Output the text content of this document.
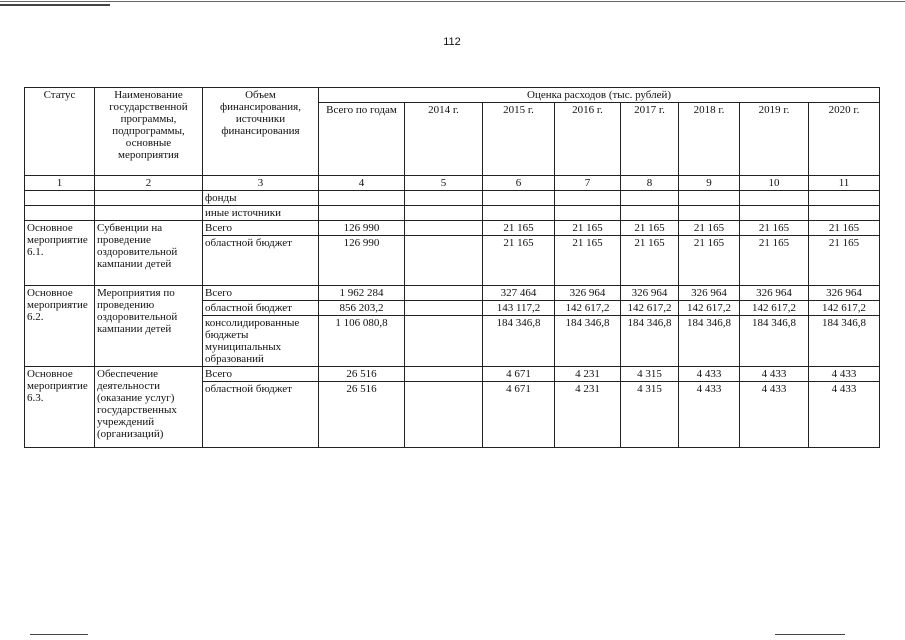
112
Статус	Наименование государственной программы, подпрограммы, основные мероприятия	Объем финансирования, источники финансирования	Оценка расходов (тыс. рублей)							
			Всего по годам	2014 г.	2015 г.	2016 г.	2017 г.	2018 г.	2019 г.	2020 г.
1	2	3	4	5	6	7	8	9	10	11
		фонды								
		иные источники								
Основное мероприятие 6.1.	Субвенции на проведение оздоровительной кампании детей	Всего	126 990		21 165	21 165	21 165	21 165	21 165	21 165
		областной бюджет	126 990		21 165	21 165	21 165	21 165	21 165	21 165
Основное мероприятие 6.2.	Мероприятия по проведению оздоровительной кампании детей	Всего	1 962 284		327 464	326 964	326 964	326 964	326 964	326 964
		областной бюджет	856 203,2		143 117,2	142 617,2	142 617,2	142 617,2	142 617,2	142 617,2
		консолидированные бюджеты муниципальных образований	1 106 080,8		184 346,8	184 346,8	184 346,8	184 346,8	184 346,8	184 346,8
Основное мероприятие 6.3.	Обеспечение деятельности (оказание услуг) государственных учреждений (организаций)	Всего	26 516		4 671	4 231	4 315	4 433	4 433	4 433
		областной бюджет	26 516		4 671	4 231	4 315	4 433	4 433	4 433
